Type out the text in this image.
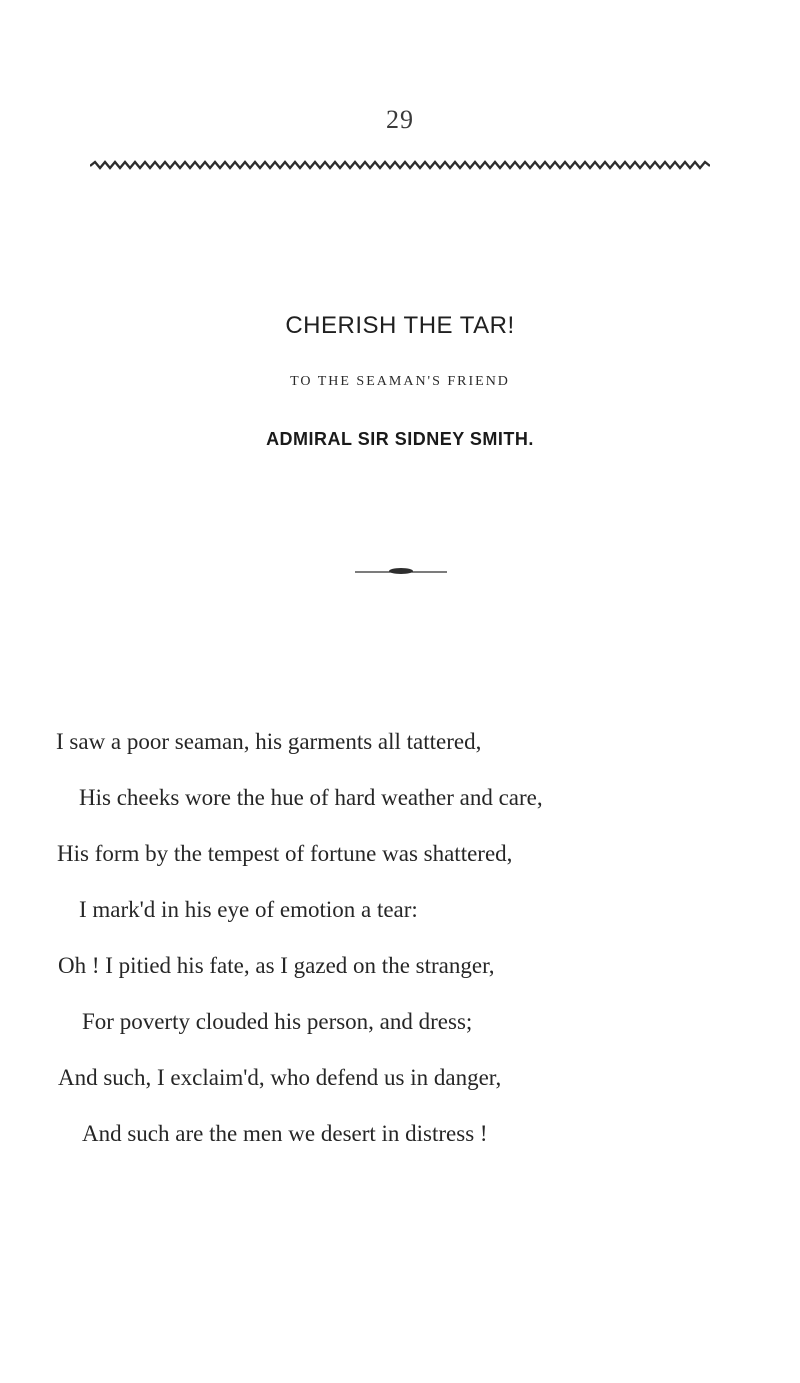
29
CHERISH THE TAR!
TO THE SEAMAN'S FRIEND
ADMIRAL SIR SIDNEY SMITH.
I saw a poor seaman, his garments all tattered,
His cheeks wore the hue of hard weather and care,
His form by the tempest of fortune was shattered,
I mark'd in his eye of emotion a tear:
Oh ! I pitied his fate, as I gazed on the stranger,
For poverty clouded his person, and dress;
And such, I exclaim'd, who defend us in danger,
And such are the men we desert in distress !
